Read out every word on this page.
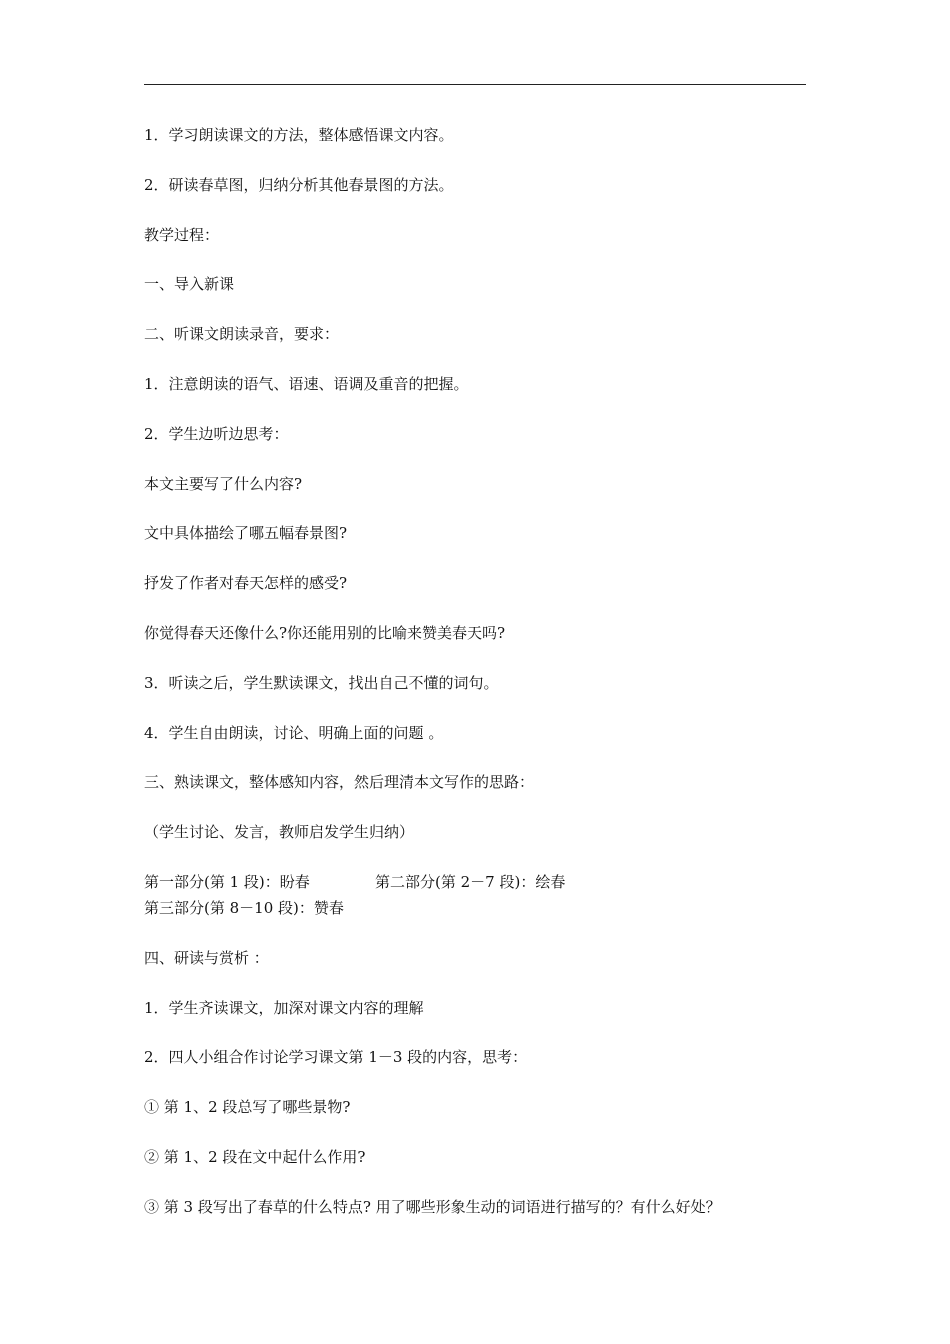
1．学习朗读课文的方法，整体感悟课文内容。

2．研读春草图，归纳分析其他春景图的方法。

教学过程：

一、导入新课

二、听课文朗读录音，要求：

1．注意朗读的语气、语速、语调及重音的把握。

2．学生边听边思考：

本文主要写了什么内容?

文中具体描绘了哪五幅春景图?

抒发了作者对春天怎样的感受?

你觉得春天还像什么?你还能用别的比喻来赞美春天吗?

3．听读之后，学生默读课文，找出自己不懂的词句。

4．学生自由朗读，讨论、明确上面的问题 。

三、熟读课文，整体感知内容，然后理清本文写作的思路：

（学生讨论、发言，教师启发学生归纳）

第一部分(第 1 段)：盼春	第二部分(第 2－7 段)：绘春

第三部分(第 8－10 段)：赞春

四、研读与赏析 ：

1．学生齐读课文，加深对课文内容的理解

2．四人小组合作讨论学习课文第 1－3 段的内容，思考：

① 第 1、2 段总写了哪些景物?

② 第 1、2 段在文中起什么作用?

③ 第 3 段写出了春草的什么特点? 用了哪些形象生动的词语进行描写的？有什么好处？
